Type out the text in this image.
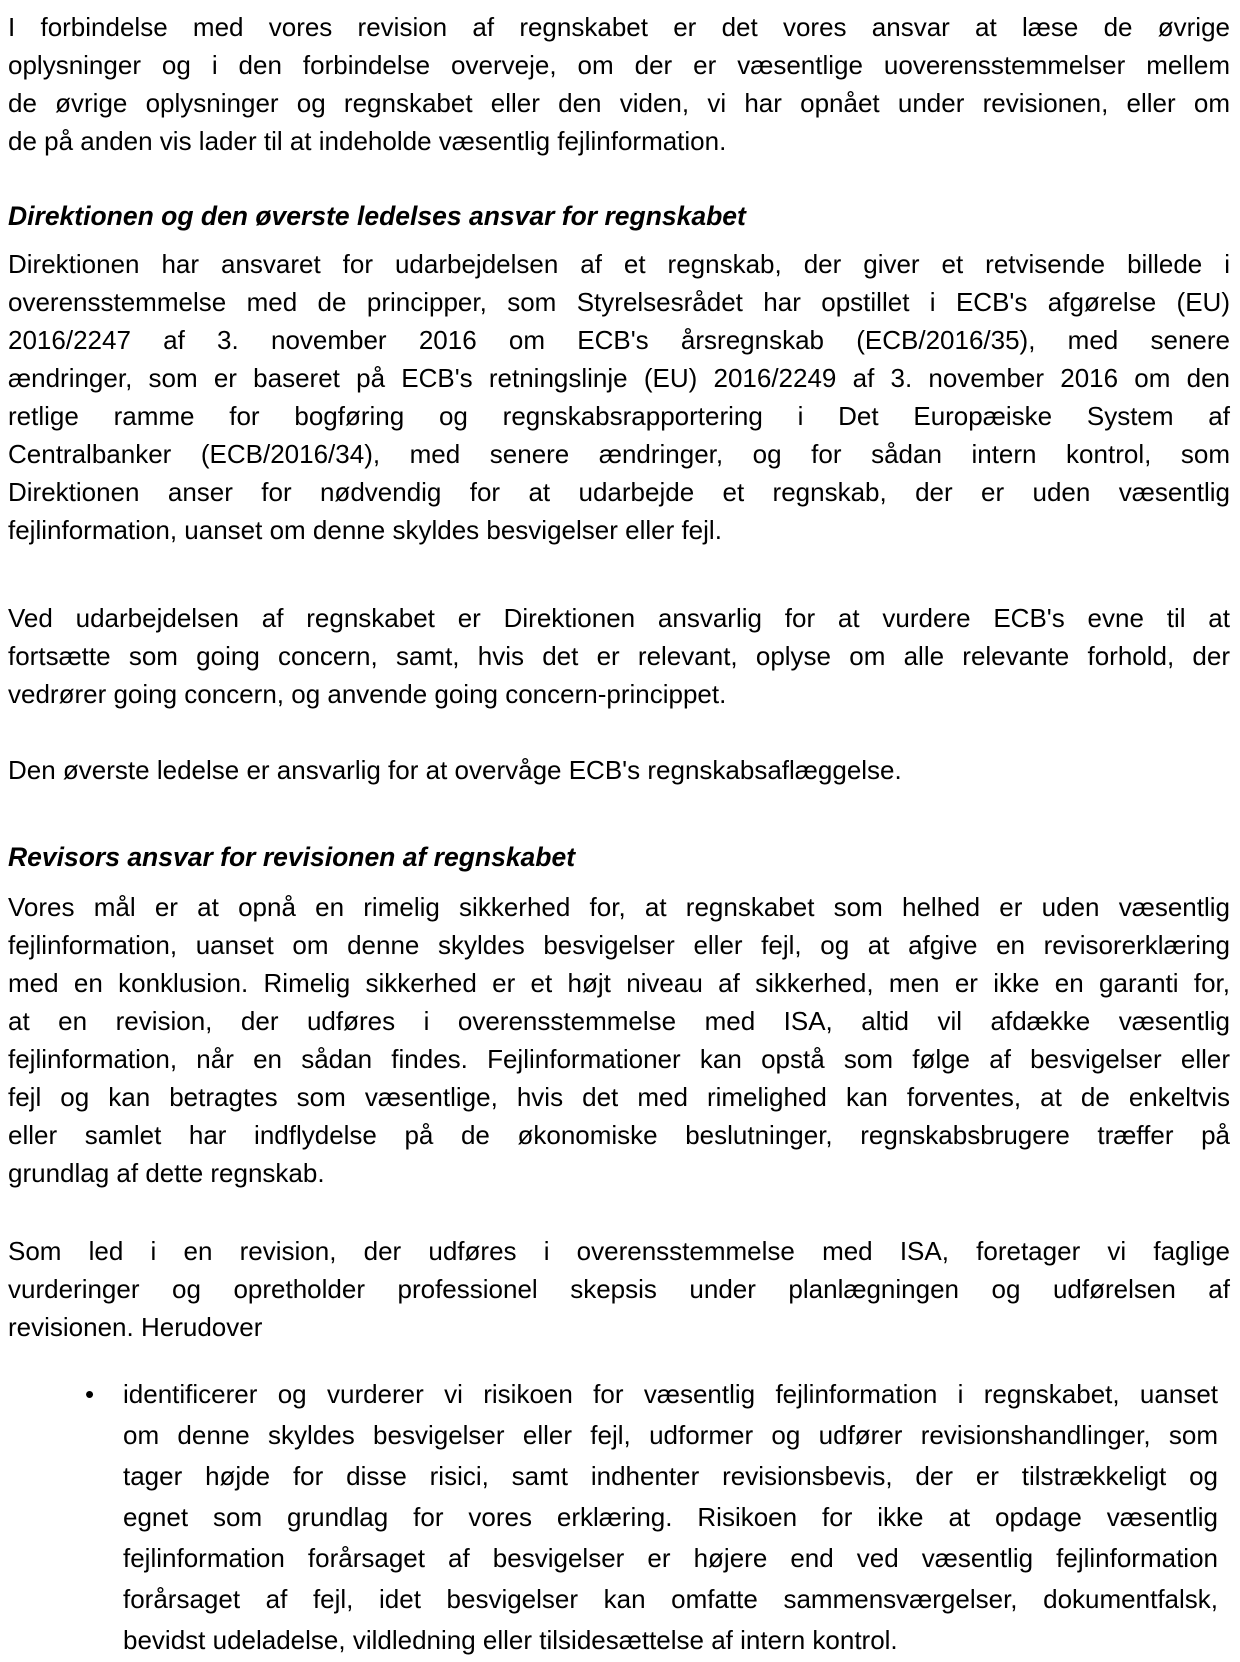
I forbindelse med vores revision af regnskabet er det vores ansvar at læse de øvrige
oplysninger og i den forbindelse overveje, om der er væsentlige uoverensstemmelser mellem
de øvrige oplysninger og regnskabet eller den viden, vi har opnået under revisionen, eller om
de på anden vis lader til at indeholde væsentlig fejlinformation.
Direktionen og den øverste ledelses ansvar for regnskabet
Direktionen har ansvaret for udarbejdelsen af et regnskab, der giver et retvisende billede i
overensstemmelse med de principper, som Styrelsesrådet har opstillet i ECB's afgørelse (EU)
2016/2247 af 3. november 2016 om ECB's årsregnskab (ECB/2016/35), med senere
ændringer, som er baseret på ECB's retningslinje (EU) 2016/2249 af 3. november 2016 om den
retlige ramme for bogføring og regnskabsrapportering i Det Europæiske System af
Centralbanker (ECB/2016/34), med senere ændringer, og for sådan intern kontrol, som
Direktionen anser for nødvendig for at udarbejde et regnskab, der er uden væsentlig
fejlinformation, uanset om denne skyldes besvigelser eller fejl.
Ved udarbejdelsen af regnskabet er Direktionen ansvarlig for at vurdere ECB's evne til at
fortsætte som going concern, samt, hvis det er relevant, oplyse om alle relevante forhold, der
vedrører going concern, og anvende going concern-princippet.
Den øverste ledelse er ansvarlig for at overvåge ECB's regnskabsaflæggelse.
Revisors ansvar for revisionen af regnskabet
Vores mål er at opnå en rimelig sikkerhed for, at regnskabet som helhed er uden væsentlig
fejlinformation, uanset om denne skyldes besvigelser eller fejl, og at afgive en revisorerklæring
med en konklusion. Rimelig sikkerhed er et højt niveau af sikkerhed, men er ikke en garanti for,
at en revision, der udføres i overensstemmelse med ISA, altid vil afdække væsentlig
fejlinformation, når en sådan findes. Fejlinformationer kan opstå som følge af besvigelser eller
fejl og kan betragtes som væsentlige, hvis det med rimelighed kan forventes, at de enkeltvis
eller samlet har indflydelse på de økonomiske beslutninger, regnskabsbrugere træffer på
grundlag af dette regnskab.
Som led i en revision, der udføres i overensstemmelse med ISA, foretager vi faglige
vurderinger og opretholder professionel skepsis under planlægningen og udførelsen af
revisionen. Herudover
•	identificerer og vurderer vi risikoen for væsentlig fejlinformation i regnskabet, uanset
om denne skyldes besvigelser eller fejl, udformer og udfører revisionshandlinger, som
tager højde for disse risici, samt indhenter revisionsbevis, der er tilstrækkeligt og
egnet som grundlag for vores erklæring. Risikoen for ikke at opdage væsentlig
fejlinformation forårsaget af besvigelser er højere end ved væsentlig fejlinformation
forårsaget af fejl, idet besvigelser kan omfatte sammensværgelser, dokumentfalsk,
bevidst udeladelse, vildledning eller tilsidesættelse af intern kontrol.
